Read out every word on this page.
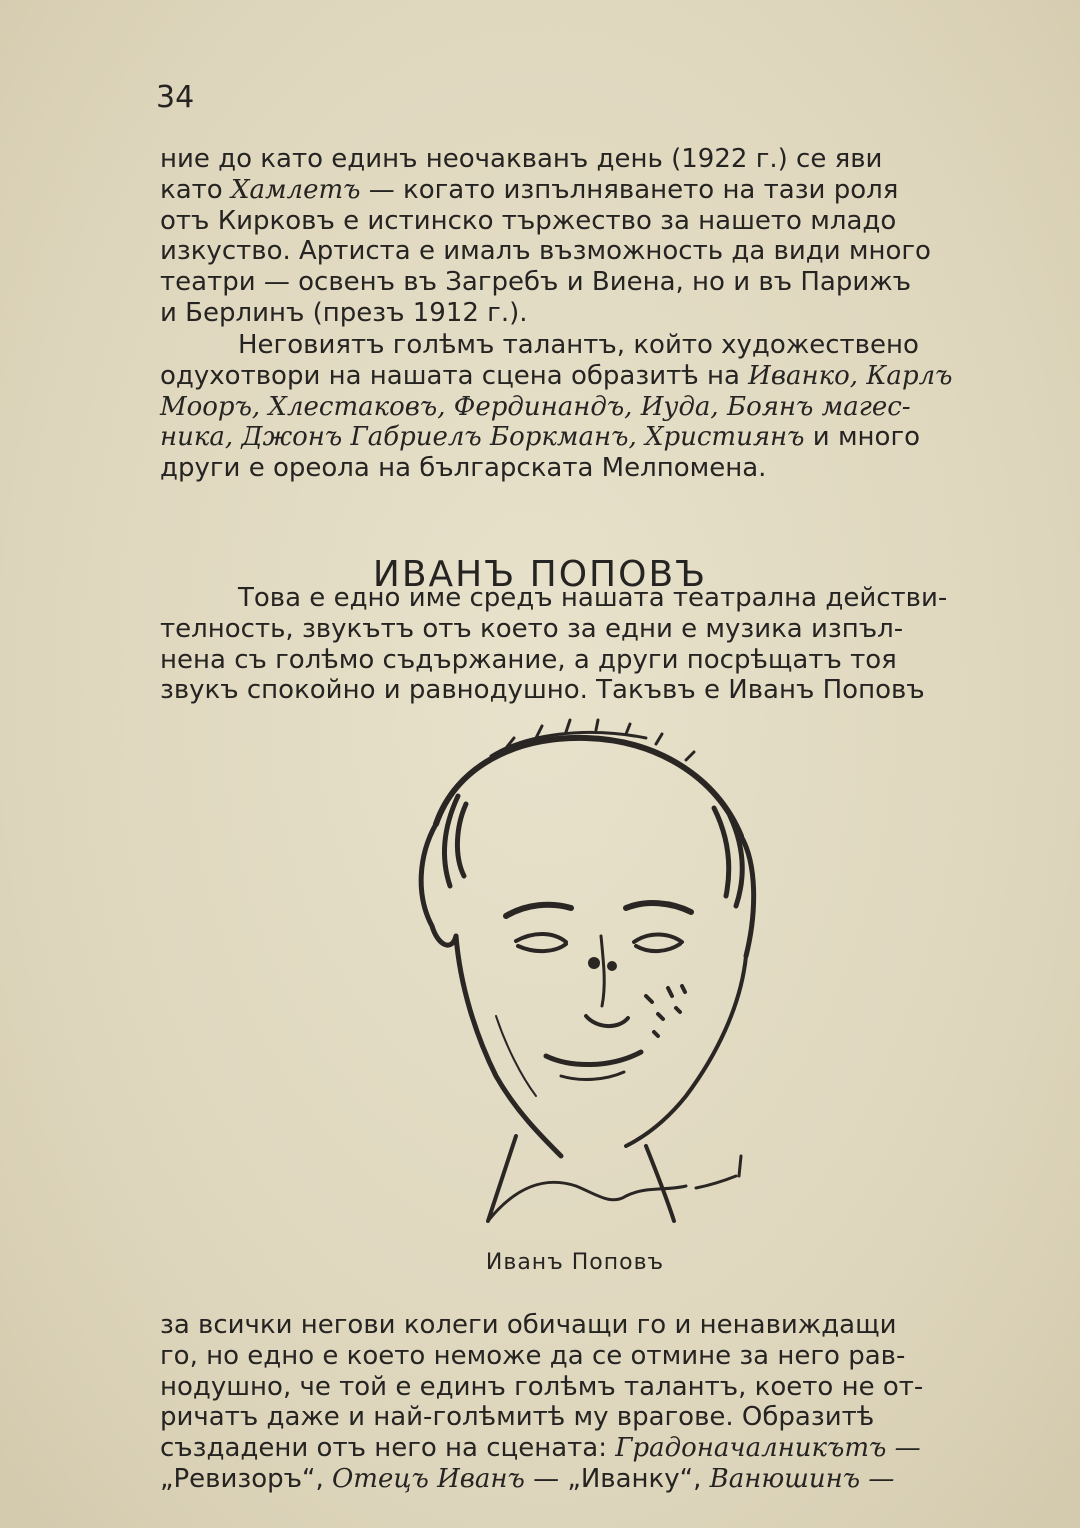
34
ние до като единъ неочакванъ день (1922 г.) се яви
като Хамлетъ — когато изпълняването на тази роля
отъ Кирковъ е истинско тържество за нашето младо
изкуство. Артиста е ималъ възможность да види много
театри — освенъ въ Загребъ и Виена, но и въ Парижъ
и Берлинъ (презъ 1912 г.).
Неговиятъ голѣмъ талантъ, който художествено
одухотвори на нашата сцена образитѣ на Иванко, Карлъ
Мооръ, Хлестаковъ, Фердинандъ, Иуда, Боянъ магес-
ника, Джонъ Габриелъ Боркманъ, Християнъ и много
други е ореола на българската Мелпомена.
ИВАНЪ ПОПОВЪ
Това е едно име средъ нашата театрална действи-
телность, звукътъ отъ което за едни е музика изпъл-
нена съ голѣмо съдържание, а други посрѣщатъ тоя
звукъ спокойно и равнодушно. Такъвъ е Иванъ Поповъ
Иванъ Поповъ
за всички негови колеги обичащи го и ненавиждащи
го, но едно е което неможе да се отмине за него рав-
нодушно, че той е единъ голѣмъ талантъ, което не от-
ричатъ даже и най-голѣмитѣ му врагове. Образитѣ
създадени отъ него на сцената: Градоначалникътъ —
„Ревизоръ“, Отецъ Иванъ — „Иванку“, Ванюшинъ —
